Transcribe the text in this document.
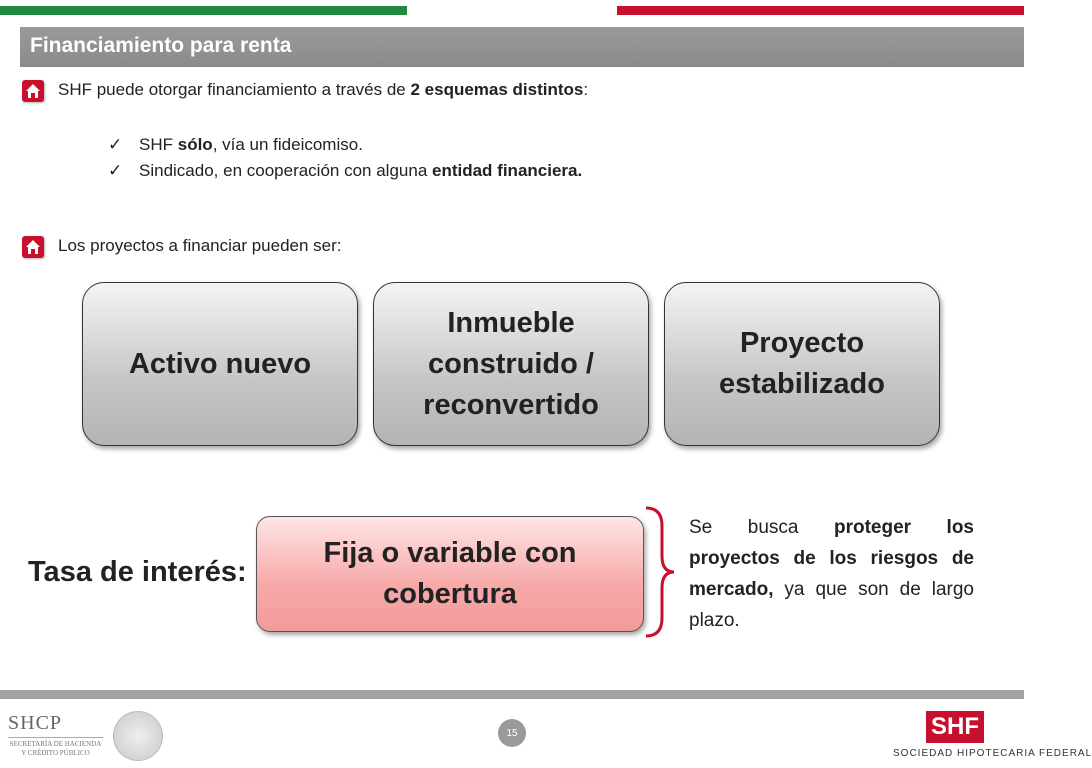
Financiamiento para renta
SHF puede otorgar financiamiento a través de 2 esquemas distintos:
✓ SHF sólo, vía un fideicomiso.
✓ Sindicado, en cooperación con alguna entidad financiera.
Los proyectos a financiar pueden ser:
Activo nuevo
Inmueble
construido /
reconvertido
Proyecto
estabilizado
Tasa de interés:
Fija o variable con
cobertura
Se busca proteger los proyectos de los riesgos de mercado, ya que son de largo plazo.
SHCP
SECRETARÍA DE HACIENDA
Y CRÉDITO PÚBLICO
15	SHF
SOCIEDAD HIPOTECARIA FEDERAL
